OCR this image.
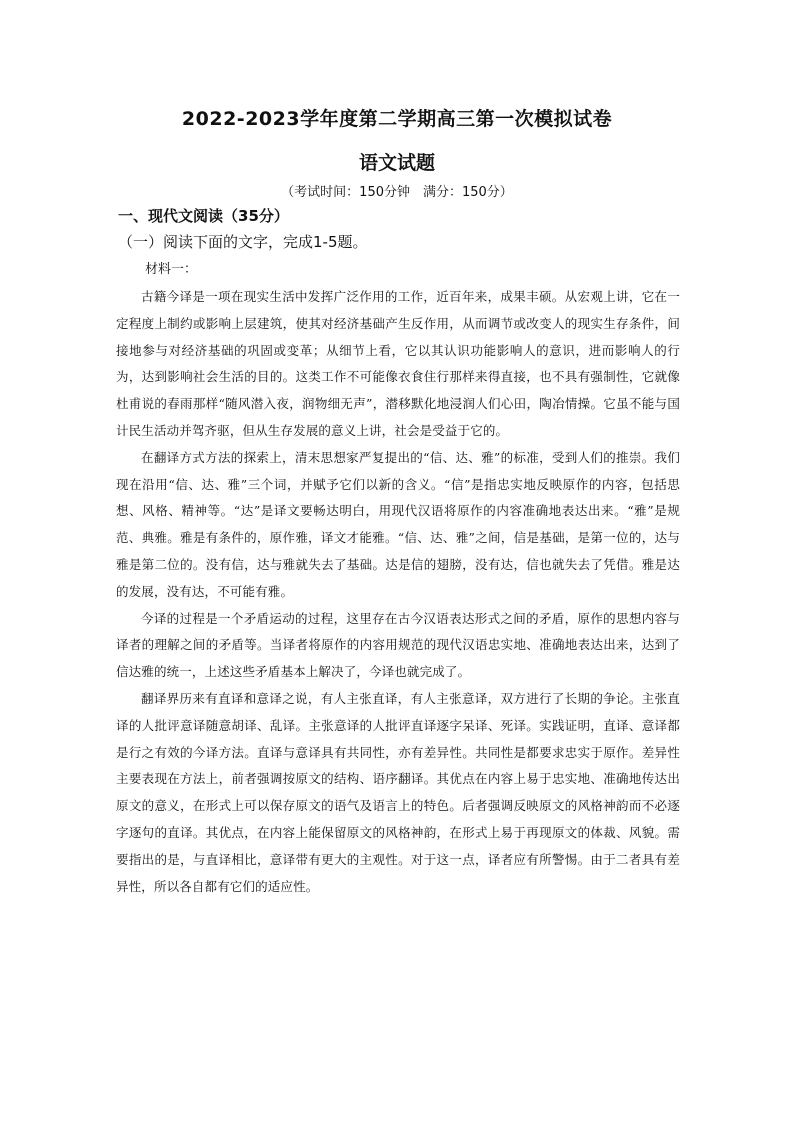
2022-2023学年度第二学期高三第一次模拟试卷
语文试题
（考试时间：150分钟　满分：150分）
一、现代文阅读（35分）
（一）阅读下面的文字，完成1-5题。
材料一：

古籍今译是一项在现实生活中发挥广泛作用的工作，近百年来，成果丰硕。从宏观上讲，它在一定程度上制约或影响上层建筑，使其对经济基础产生反作用，从而调节或改变人的现实生存条件，间接地参与对经济基础的巩固或变革；从细节上看，它以其认识功能影响人的意识，进而影响人的行为，达到影响社会生活的目的。这类工作不可能像衣食住行那样来得直接，也不具有强制性，它就像杜甫说的春雨那样“随风潜入夜，润物细无声”，潜移默化地浸润人们心田，陶冶情操。它虽不能与国计民生活动并驾齐驱，但从生存发展的意义上讲，社会是受益于它的。

在翻译方式方法的探索上，清末思想家严复提出的“信、达、雅”的标准，受到人们的推崇。我们现在沿用“信、达、雅”三个词，并赋予它们以新的含义。“信”是指忠实地反映原作的内容，包括思想、风格、精神等。“达”是译文要畅达明白，用现代汉语将原作的内容准确地表达出来。“雅”是规范、典雅。雅是有条件的，原作雅，译文才能雅。“信、达、雅”之间，信是基础，是第一位的，达与雅是第二位的。没有信，达与雅就失去了基础。达是信的翅膀，没有达，信也就失去了凭借。雅是达的发展，没有达，不可能有雅。

今译的过程是一个矛盾运动的过程，这里存在古今汉语表达形式之间的矛盾，原作的思想内容与译者的理解之间的矛盾等。当译者将原作的内容用规范的现代汉语忠实地、准确地表达出来，达到了信达雅的统一，上述这些矛盾基本上解决了，今译也就完成了。

翻译界历来有直译和意译之说，有人主张直译，有人主张意译，双方进行了长期的争论。主张直译的人批评意译随意胡译、乱译。主张意译的人批评直译逐字呆译、死译。实践证明，直译、意译都是行之有效的今译方法。直译与意译具有共同性，亦有差异性。共同性是都要求忠实于原作。差异性主要表现在方法上，前者强调按原文的结构、语序翻译。其优点在内容上易于忠实地、准确地传达出原文的意义，在形式上可以保存原文的语气及语言上的特色。后者强调反映原文的风格神韵而不必逐字逐句的直译。其优点，在内容上能保留原文的风格神韵，在形式上易于再现原文的体裁、风貌。需要指出的是，与直译相比，意译带有更大的主观性。对于这一点，译者应有所警惕。由于二者具有差异性，所以各自都有它们的适应性。
